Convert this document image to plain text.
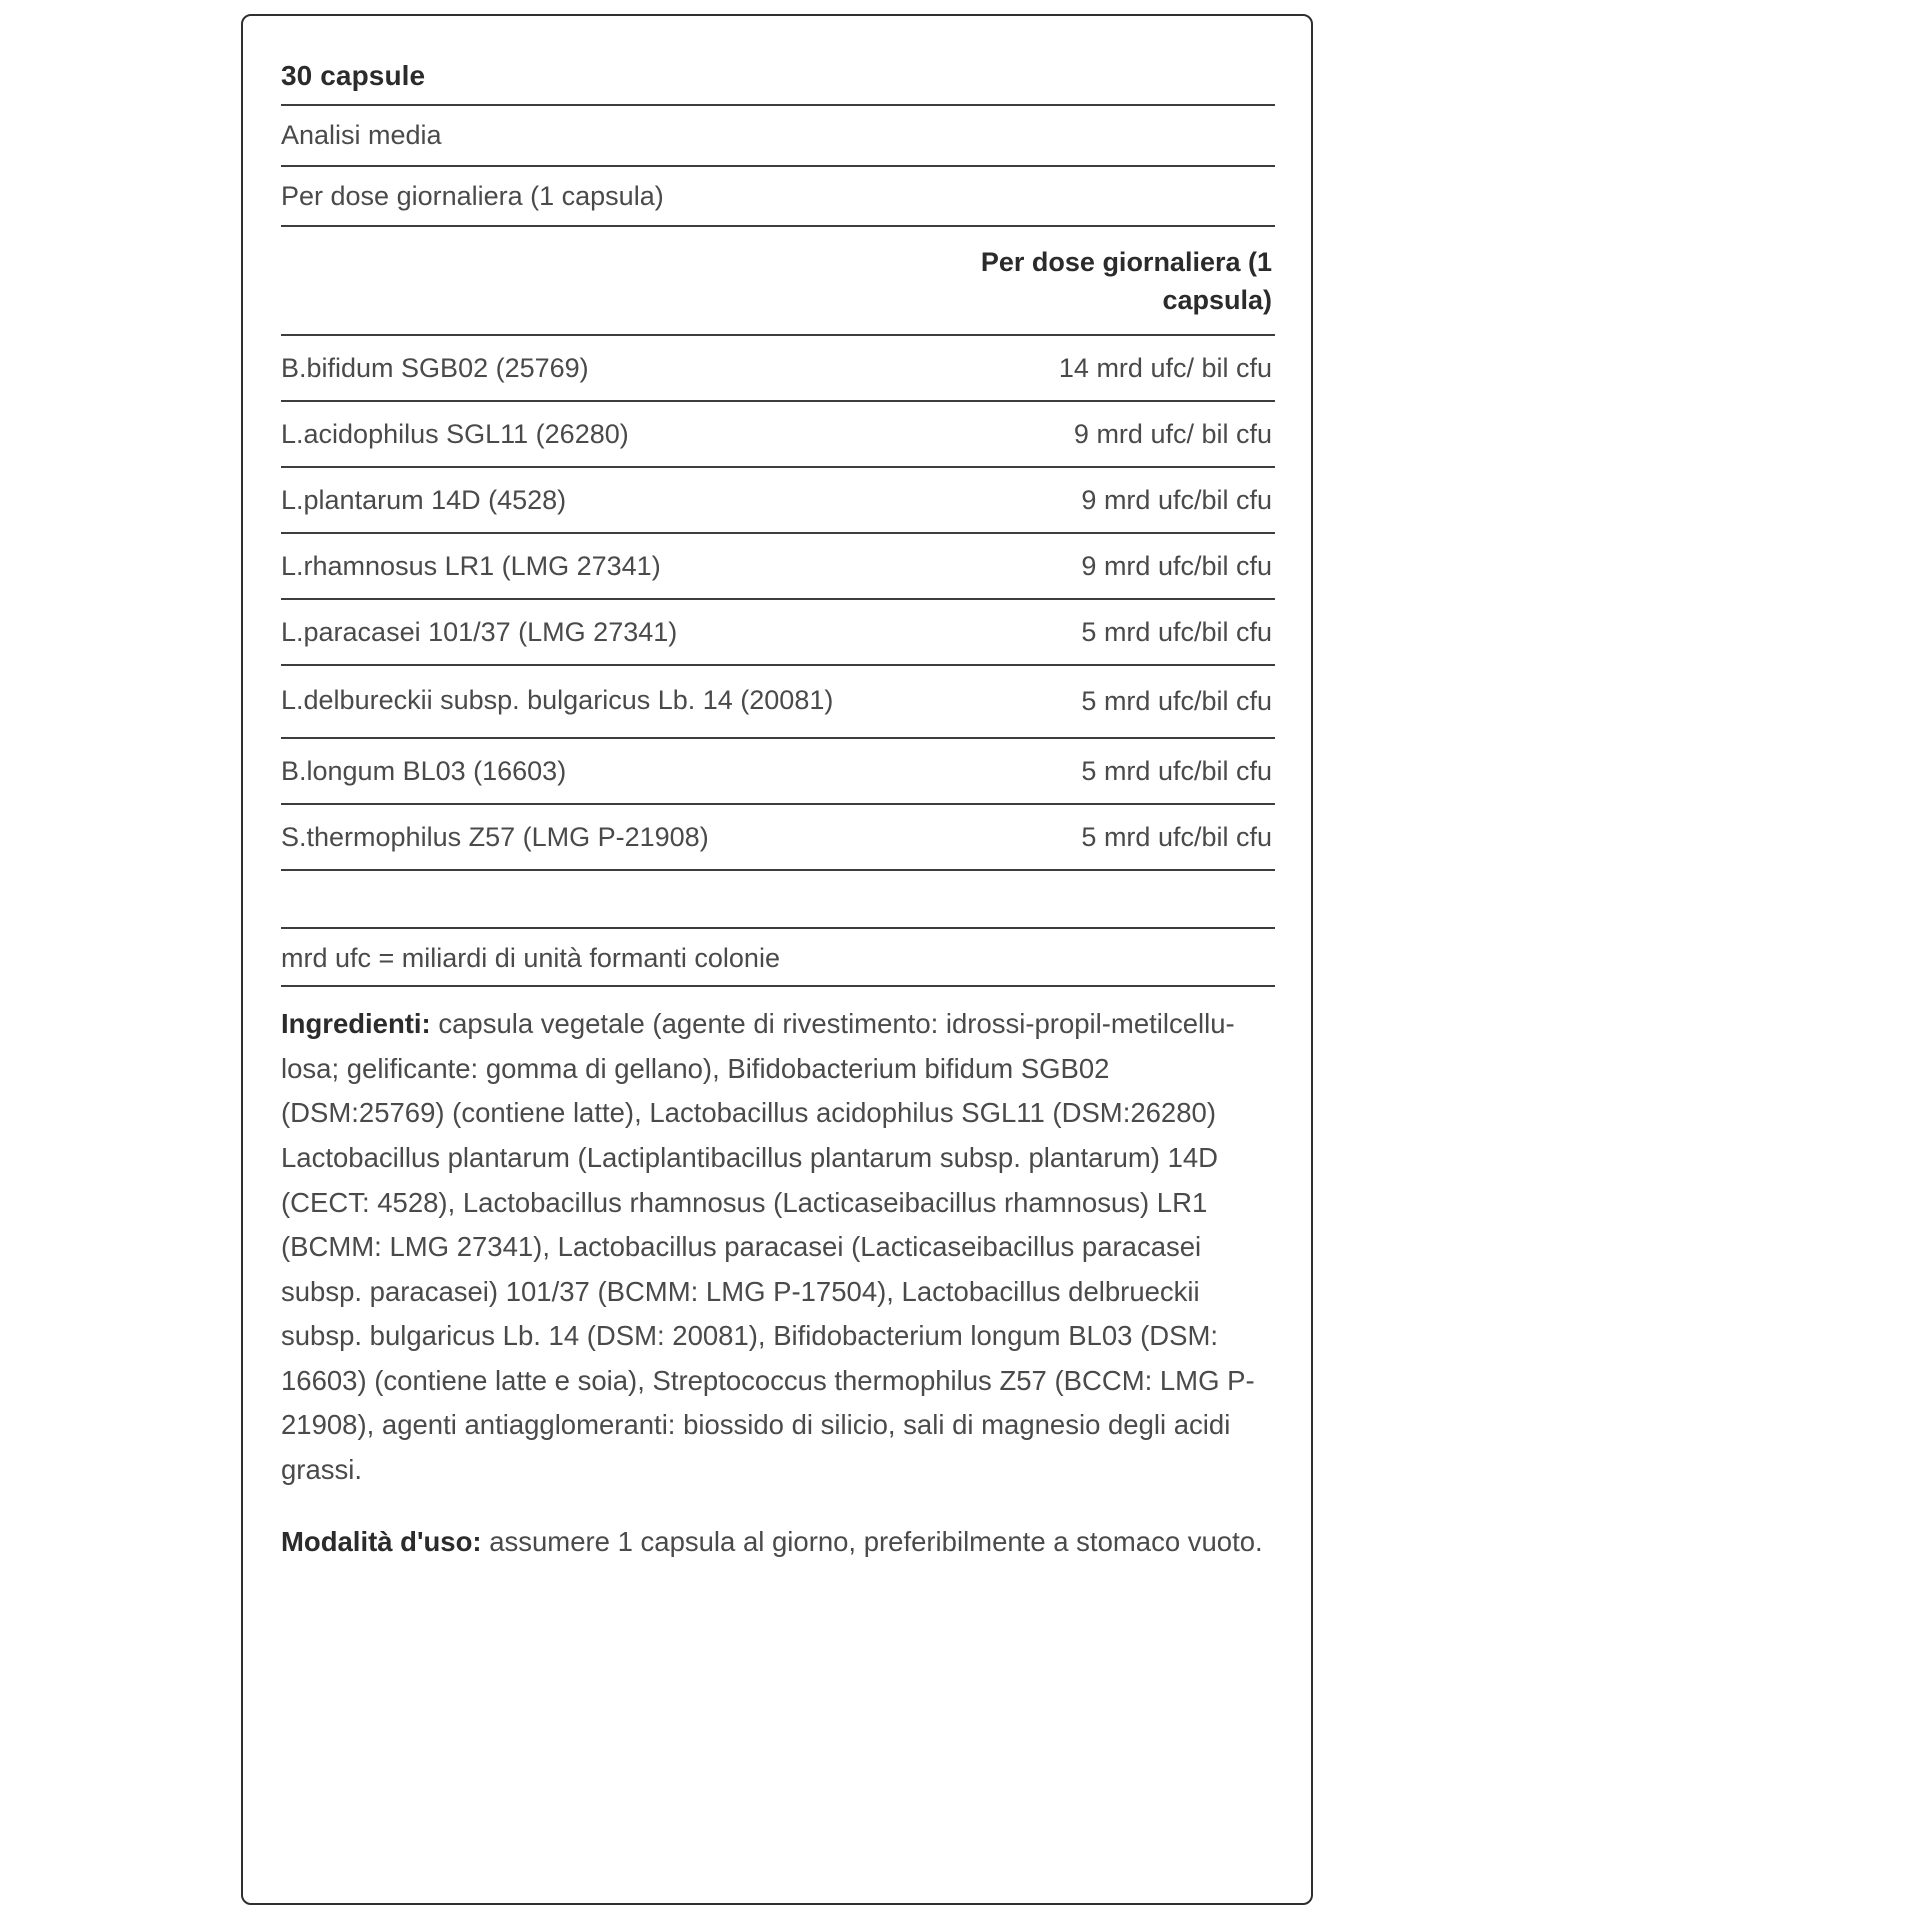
30 capsule
Analisi media
Per dose giornaliera (1 capsula)

	Per dose giornaliera (1 capsula)
B.bifidum SGB02 (25769)	14 mrd ufc/ bil cfu
L.acidophilus SGL11 (26280)	9 mrd ufc/ bil cfu
L.plantarum 14D (4528)	9 mrd ufc/bil cfu
L.rhamnosus LR1 (LMG 27341)	9 mrd ufc/bil cfu
L.paracasei 101/37 (LMG 27341)	5 mrd ufc/bil cfu
L.delbureckii subsp. bulgaricus Lb. 14 (20081)	5 mrd ufc/bil cfu
B.longum BL03 (16603)	5 mrd ufc/bil cfu
S.thermophilus Z57 (LMG P-21908)	5 mrd ufc/bil cfu
mrd ufc = miliardi di unità formanti colonie

Ingredienti: capsula vegetale (agente di rivestimento: idrossi-propil-metilcellu-losa; gelificante: gomma di gellano), Bifidobacterium bifidum SGB02 (DSM:25769) (contiene latte), Lactobacillus acidophilus SGL11 (DSM:26280) Lactobacillus plantarum (Lactiplantibacillus plantarum subsp. plantarum) 14D (CECT: 4528), Lactobacillus rhamnosus (Lacticaseibacillus rhamnosus) LR1 (BCMM: LMG 27341), Lactobacillus paracasei (Lacticaseibacillus paracasei subsp. paracasei) 101/37 (BCMM: LMG P-17504), Lactobacillus delbrueckii subsp. bulgaricus Lb. 14 (DSM: 20081), Bifidobacterium longum BL03 (DSM: 16603) (contiene latte e soia), Streptococcus thermophilus Z57 (BCCM: LMG P-21908), agenti antiagglomeranti: biossido di silicio, sali di magnesio degli acidi grassi.

Modalità d'uso: assumere 1 capsula al giorno, preferibilmente a stomaco vuoto.
